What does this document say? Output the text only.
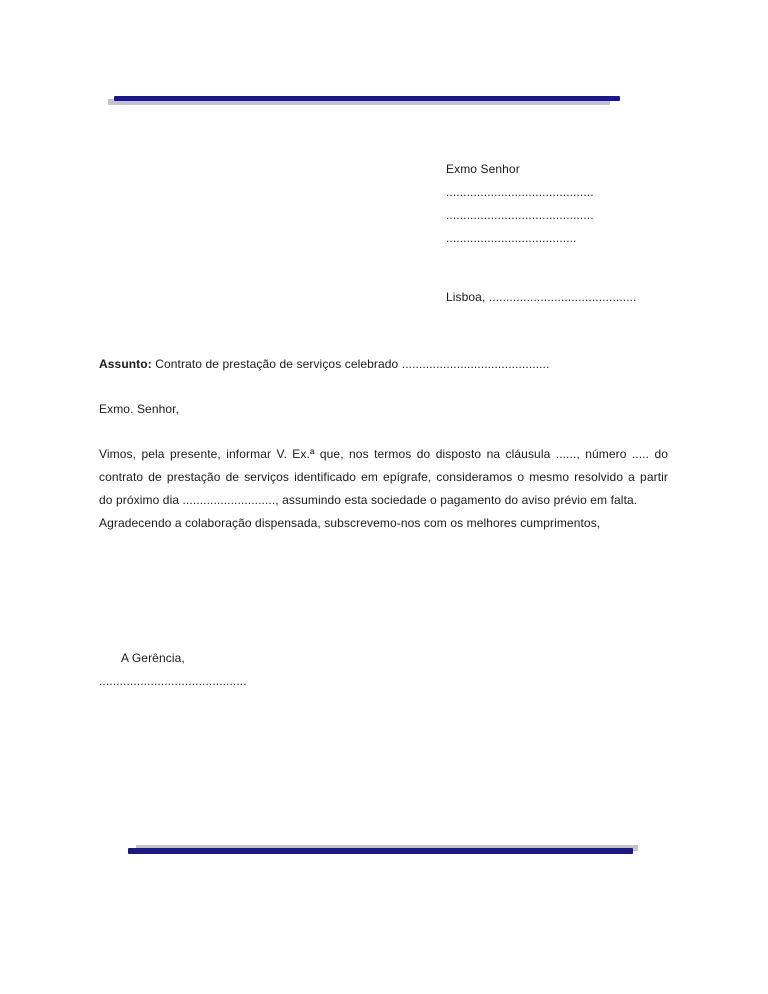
Exmo Senhor
...........................................
...........................................
......................................
Lisboa, ...........................................
Assunto: Contrato de prestação de serviços celebrado ...........................................
Exmo. Senhor,
Vimos, pela presente, informar V. Ex.ª que, nos termos do disposto na cláusula ......, número ..... do
contrato de prestação de serviços identificado em epígrafe, consideramos o mesmo resolvido a partir
do próximo dia ..........................., assumindo esta sociedade o pagamento do aviso prévio em falta.
Agradecendo a colaboração dispensada, subscrevemo-nos com os melhores cumprimentos,
A Gerência,
...........................................
